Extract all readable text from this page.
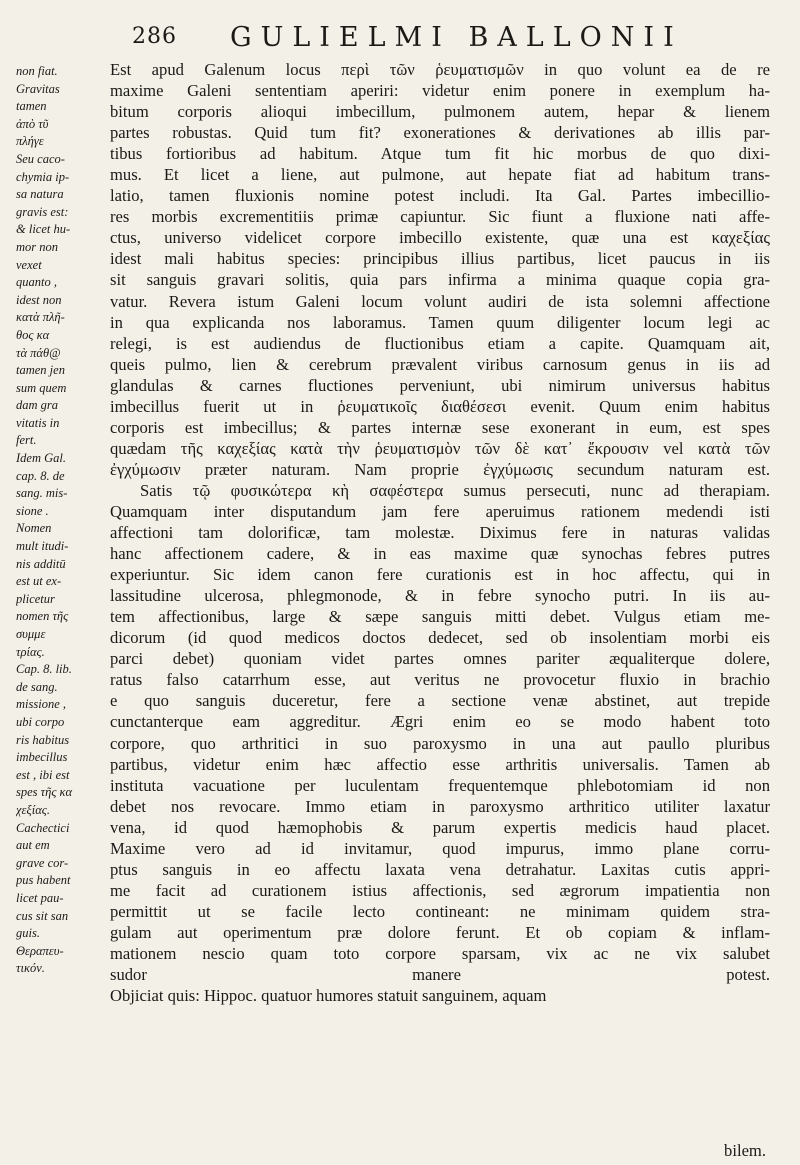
286 GULIELMI BALLONII
non fiat.
Gravitas
tamen
ἀπὸ τῦ
πλήγε
Seu caco-
chymia ip-
sa natura
gravis est:
& licet hu-
mor non
vexet
quanto ,
idest non
κατὰ πλῆ-
θος κα
τὰ πάθ@
tamen jen
sum quem
dam gra
vitatis in
fert.
Idem Gal.
cap. 8. de
sang. mis-
sione .
Nomen
mult itudi-
nis additū
est ut ex-
plicetur
nomen τῆς
συμμε
τρίας.
Cap. 8. lib.
de sang.
missione ,
ubi corpo
ris habitus
imbecillus
est , ibi est
spes τῆς κα
χεξίας.
Cachectici
aut em
grave cor-
pus habent
licet pau-
cus sit san
guis.
Θεραπευ-
τικόν.
Est apud Galenum locus περὶ τῶν ῥευματισμῶν in quo volunt ea de re
maxime Galeni sententiam aperiri: videtur enim ponere in exemplum ha-
bitum corporis alioqui imbecillum, pulmonem autem, hepar & lienem
partes robustas. Quid tum fit? exonerationes & derivationes ab illis par-
tibus fortioribus ad habitum. Atque tum fit hic morbus de quo dixi-
mus. Et licet a liene, aut pulmone, aut hepate fiat ad habitum trans-
latio, tamen fluxionis nomine potest includi. Ita Gal. Partes imbecillio-
res morbis excrementitiis primæ capiuntur. Sic fiunt a fluxione nati affe-
ctus, universo videlicet corpore imbecillo existente, quæ una est καχεξίας
idest mali habitus species: principibus illius partibus, licet paucus in iis
sit sanguis gravari solitis, quia pars infirma a minima quaque copia gra-
vatur. Revera istum Galeni locum volunt audiri de ista solemni affectione
in qua explicanda nos laboramus. Tamen quum diligenter locum legi ac
relegi, is est audiendus de fluctionibus etiam a capite. Quamquam ait,
queis pulmo, lien & cerebrum prævalent viribus carnosum genus in iis ad
glandulas & carnes fluctiones perveniunt, ubi nimirum universus habitus
imbecillus fuerit ut in ῥευματικοῖς διαθέσεσι evenit. Quum enim habitus
corporis est imbecillus; & partes internæ sese exonerant in eum, est spes
quædam τῆς καχεξίας κατὰ τὴν ῥευματισμὸν τῶν δὲ κατ᾽ ἔκρουσιν vel κατὰ τῶν
ἐγχύμωσιν præter naturam. Nam proprie ἐγχύμωσις secundum naturam est.
Satis τῷ φυσικώτερα κὴ σαφέστερα sumus persecuti, nunc ad therapiam.
Quamquam inter disputandum jam fere aperuimus rationem medendi isti
affectioni tam dolorificæ, tam molestæ. Diximus fere in naturas validas
hanc affectionem cadere, & in eas maxime quæ synochas febres putres
experiuntur. Sic idem canon fere curationis est in hoc affectu, qui in
lassitudine ulcerosa, phlegmonode, & in febre synocho putri. In iis au-
tem affectionibus, large & sæpe sanguis mitti debet. Vulgus etiam me-
dicorum (id quod medicos doctos dedecet, sed ob insolentiam morbi eis
parci debet) quoniam videt partes omnes pariter æqualiterque dolere,
ratus falso catarrhum esse, aut veritus ne provocetur fluxio in brachio
e quo sanguis duceretur, fere a sectione venæ abstinet, aut trepide
cunctanterque eam aggreditur. Ægri enim eo se modo habent toto
corpore, quo arthritici in suo paroxysmo in una aut paullo pluribus
partibus, videtur enim hæc affectio esse arthritis universalis. Tamen ab
instituta vacuatione per luculentam frequentemque phlebotomiam id non
debet nos revocare. Immo etiam in paroxysmo arthritico utiliter laxatur
vena, id quod hæmophobis & parum expertis medicis haud placet.
Maxime vero ad id invitamur, quod impurus, immo plane corru-
ptus sanguis in eo affectu laxata vena detrahatur. Laxitas cutis appri-
me facit ad curationem istius affectionis, sed ægrorum impatientia non
permittit ut se facile lecto contineant: ne minimam quidem stra-
gulam aut operimentum præ dolore ferunt. Et ob copiam & inflam-
mationem nescio quam toto corpore sparsam, vix ac ne vix salubet
sudor manere potest.
Objiciat quis: Hippoc. quatuor humores statuit sanguinem, aquam
bilem.
